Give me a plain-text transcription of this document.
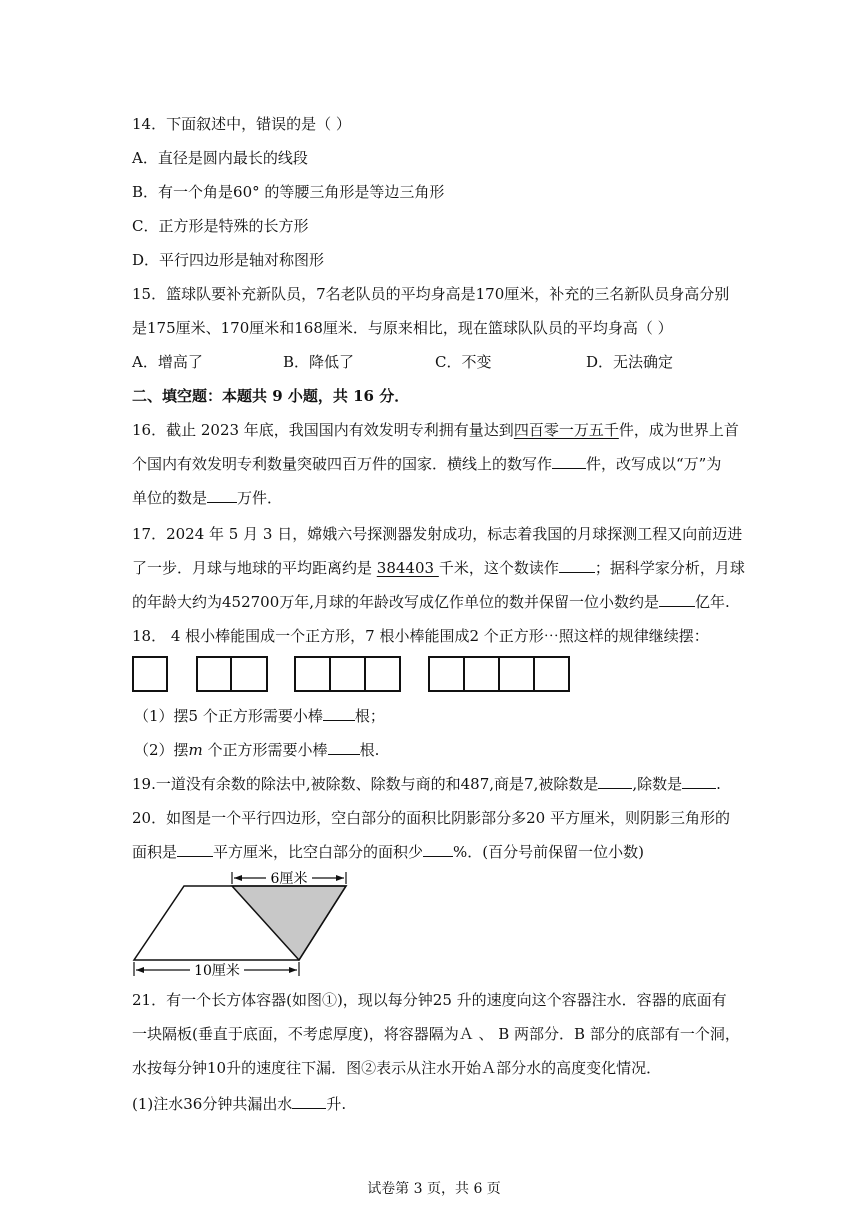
14．下面叙述中，错误的是（ ）
A．直径是圆内最长的线段
B．有一个角是60° 的等腰三角形是等边三角形
C．正方形是特殊的长方形
D．平行四边形是轴对称图形
15．篮球队要补充新队员，7名老队员的平均身高是170厘米，补充的三名新队员身高分别
是175厘米、170厘米和168厘米．与原来相比，现在篮球队队员的平均身高（ ）
A．增高了	B．降低了	C．不变	D．无法确定
二、填空题：本题共 9 小题，共 16 分．
16．截止 2023 年底，我国国内有效发明专利拥有量达到四百零一万五千件，成为世界上首
个国内有效发明专利数量突破四百万件的国家．横线上的数写作 件，改写成以“万”为
单位的数是 万件．
17．2024 年 5 月 3 日，嫦娥六号探测器发射成功，标志着我国的月球探测工程又向前迈进
了一步．月球与地球的平均距离约是 384403 千米，这个数读作 ；据科学家分析，月球
的年龄大约为452700万年,月球的年龄改写成亿作单位的数并保留一位小数约是 亿年.
18． 4 根小棒能围成一个正方形，7 根小棒能围成2 个正方形⋯照这样的规律继续摆：
（1）摆5 个正方形需要小棒 根；
（2）摆m 个正方形需要小棒 根.
19.一道没有余数的除法中,被除数、除数与商的和487,商是7,被除数是 ,除数是 .
20．如图是一个平行四边形，空白部分的面积比阴影部分多20 平方厘米，则阴影三角形的
面积是 平方厘米，比空白部分的面积少 %．(百分号前保留一位小数)
6厘米
10厘米
21．有一个长方体容器(如图①)，现以每分钟25 升的速度向这个容器注水．容器的底面有
一块隔板(垂直于底面，不考虑厚度)，将容器隔为Ａ 、 B 两部分．B 部分的底部有一个洞，
水按每分钟10升的速度往下漏．图②表示从注水开始Ａ部分水的高度变化情况．
(1)注水36分钟共漏出水 升.
试卷第 3 页，共 6 页
